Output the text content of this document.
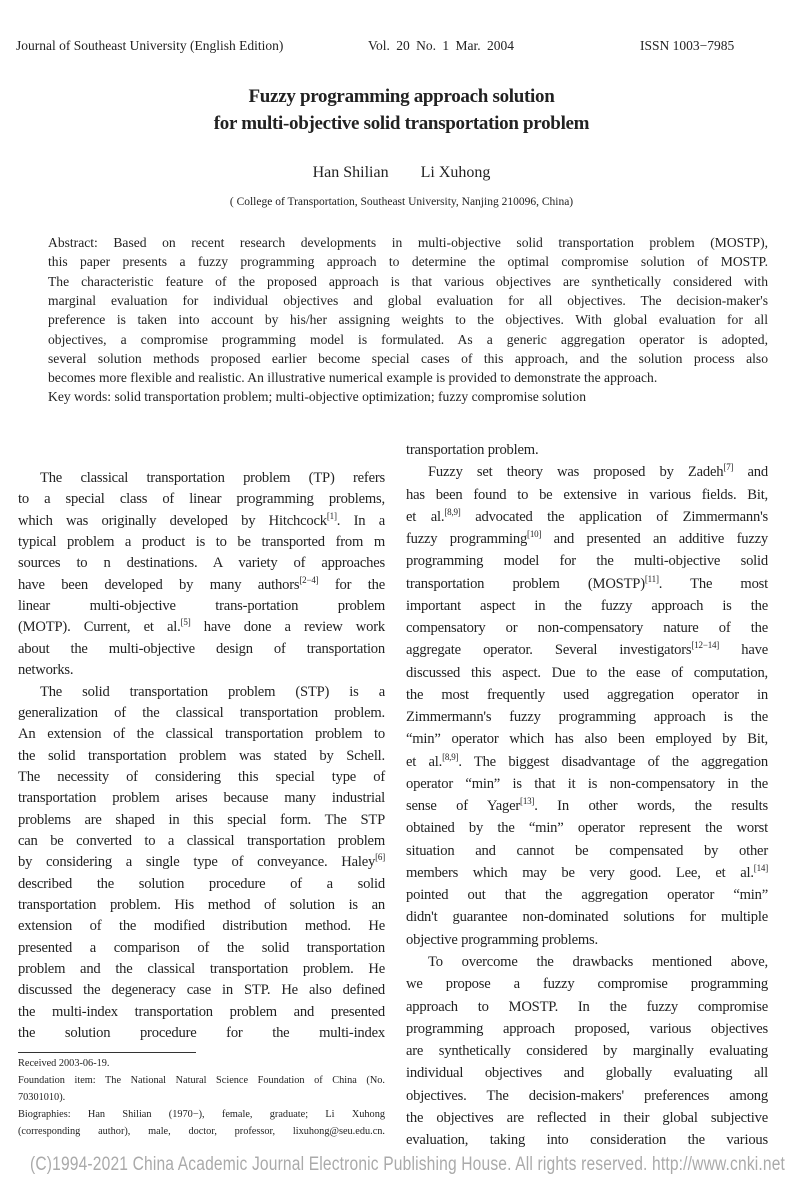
Journal of Southeast University (English Edition)	Vol. 20 No. 1 Mar. 2004	ISSN 1003−7985
Fuzzy programming approach solution
for multi-objective solid transportation problem
Han Shilian Li Xuhong
( College of Transportation, Southeast University, Nanjing 210096, China)
Abstract: Based on recent research developments in multi-objective solid transportation problem (MOSTP),
this paper presents a fuzzy programming approach to determine the optimal compromise solution of MOSTP.
The characteristic feature of the proposed approach is that various objectives are synthetically considered with
marginal evaluation for individual objectives and global evaluation for all objectives. The decision-maker's
preference is taken into account by his/her assigning weights to the objectives. With global evaluation for all
objectives, a compromise programming model is formulated. As a generic aggregation operator is adopted,
several solution methods proposed earlier become special cases of this approach, and the solution process also
becomes more flexible and realistic. An illustrative numerical example is provided to demonstrate the approach.
Key words: solid transportation problem; multi-objective optimization; fuzzy compromise solution
The classical transportation problem (TP) refers
to a special class of linear programming problems,
which was originally developed by Hitchcock[1]. In a
typical problem a product is to be transported from m
sources to n destinations. A variety of approaches
have been developed by many authors[2−4] for the
linear multi-objective trans-portation problem
(MOTP). Current, et al.[5] have done a review work
about the multi-objective design of transportation
networks.
The solid transportation problem (STP) is a
generalization of the classical transportation problem.
An extension of the classical transportation problem to
the solid transportation problem was stated by Schell.
The necessity of considering this special type of
transportation problem arises because many industrial
problems are shaped in this special form. The STP
can be converted to a classical transportation problem
by considering a single type of conveyance. Haley[6]
described the solution procedure of a solid
transportation problem. His method of solution is an
extension of the modified distribution method. He
presented a comparison of the solid transportation
problem and the classical transportation problem. He
discussed the degeneracy case in STP. He also defined
the multi-index transportation problem and presented
the solution procedure for the multi-index
transportation problem.
Fuzzy set theory was proposed by Zadeh[7] and
has been found to be extensive in various fields. Bit,
et al.[8,9] advocated the application of Zimmermann's
fuzzy programming[10] and presented an additive fuzzy
programming model for the multi-objective solid
transportation problem (MOSTP)[11]. The most
important aspect in the fuzzy approach is the
compensatory or non-compensatory nature of the
aggregate operator. Several investigators[12−14] have
discussed this aspect. Due to the ease of computation,
the most frequently used aggregation operator in
Zimmermann's fuzzy programming approach is the
“min” operator which has also been employed by Bit,
et al.[8,9]. The biggest disadvantage of the aggregation
operator “min” is that it is non-compensatory in the
sense of Yager[13]. In other words, the results
obtained by the “min” operator represent the worst
situation and cannot be compensated by other
members which may be very good. Lee, et al.[14]
pointed out that the aggregation operator “min”
didn't guarantee non-dominated solutions for multiple
objective programming problems.
To overcome the drawbacks mentioned above,
we propose a fuzzy compromise programming
approach to MOSTP. In the fuzzy compromise
programming approach proposed, various objectives
are synthetically considered by marginally evaluating
individual objectives and globally evaluating all
objectives. The decision-makers' preferences among
the objectives are reflected in their global subjective
evaluation, taking into consideration the various
Received 2003-06-19.
Foundation item: The National Natural Science Foundation of China (No.
70301010).
Biographies: Han Shilian (1970−), female, graduate; Li Xuhong
(corresponding author), male, doctor, professor, lixuhong@seu.edu.cn.
(C)1994-2021 China Academic Journal Electronic Publishing House. All rights reserved. http://www.cnki.net
